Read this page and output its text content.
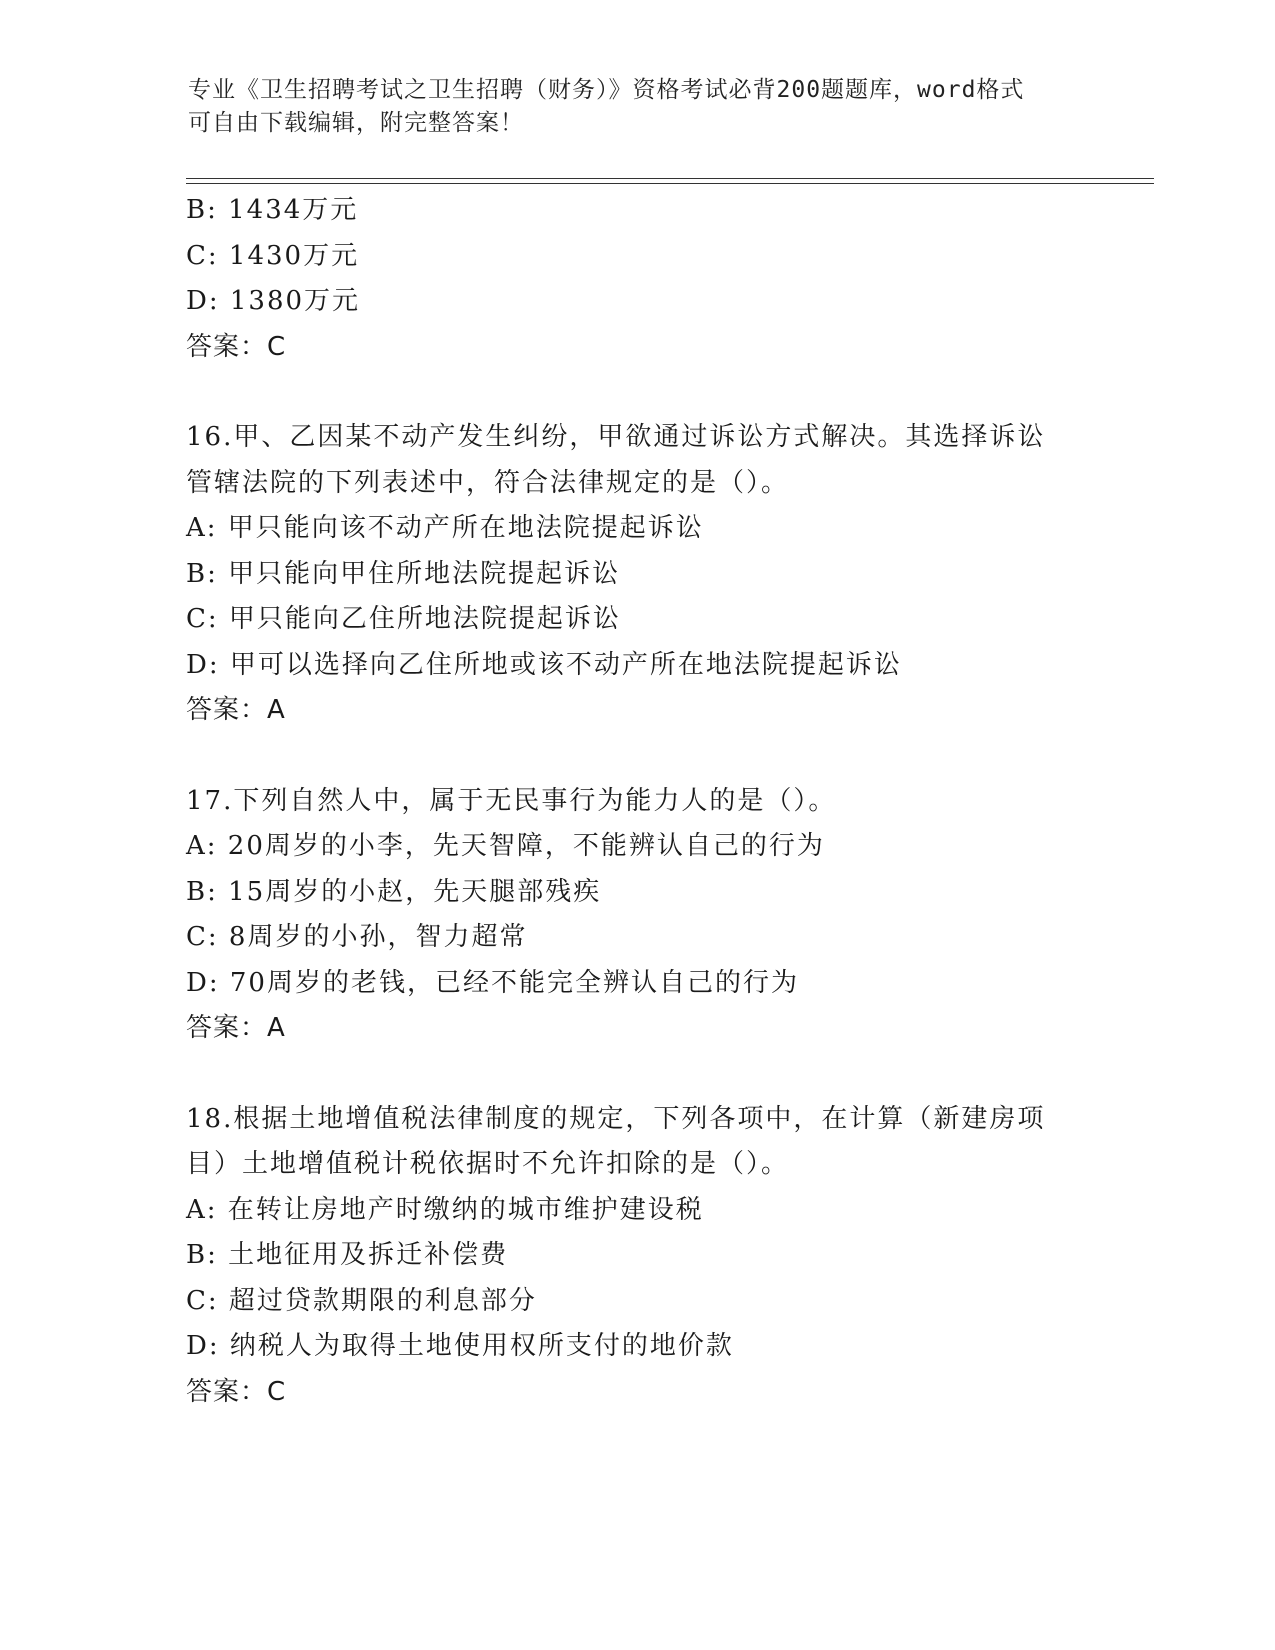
专业《卫生招聘考试之卫生招聘（财务）》资格考试必背200题题库，word格式
可自由下载编辑，附完整答案！
B: 1434万元
C: 1430万元
D: 1380万元
答案：C
16.甲、乙因某不动产发生纠纷，甲欲通过诉讼方式解决。其选择诉讼
管辖法院的下列表述中，符合法律规定的是（）。
A: 甲只能向该不动产所在地法院提起诉讼
B: 甲只能向甲住所地法院提起诉讼
C: 甲只能向乙住所地法院提起诉讼
D: 甲可以选择向乙住所地或该不动产所在地法院提起诉讼
答案：A
17.下列自然人中，属于无民事行为能力人的是（）。
A: 20周岁的小李，先天智障，不能辨认自己的行为
B: 15周岁的小赵，先天腿部残疾
C: 8周岁的小孙，智力超常
D: 70周岁的老钱，已经不能完全辨认自己的行为
答案：A
18.根据土地增值税法律制度的规定，下列各项中，在计算（新建房项
目）土地增值税计税依据时不允许扣除的是（）。
A: 在转让房地产时缴纳的城市维护建设税
B: 土地征用及拆迁补偿费
C: 超过贷款期限的利息部分
D: 纳税人为取得土地使用权所支付的地价款
答案：C
